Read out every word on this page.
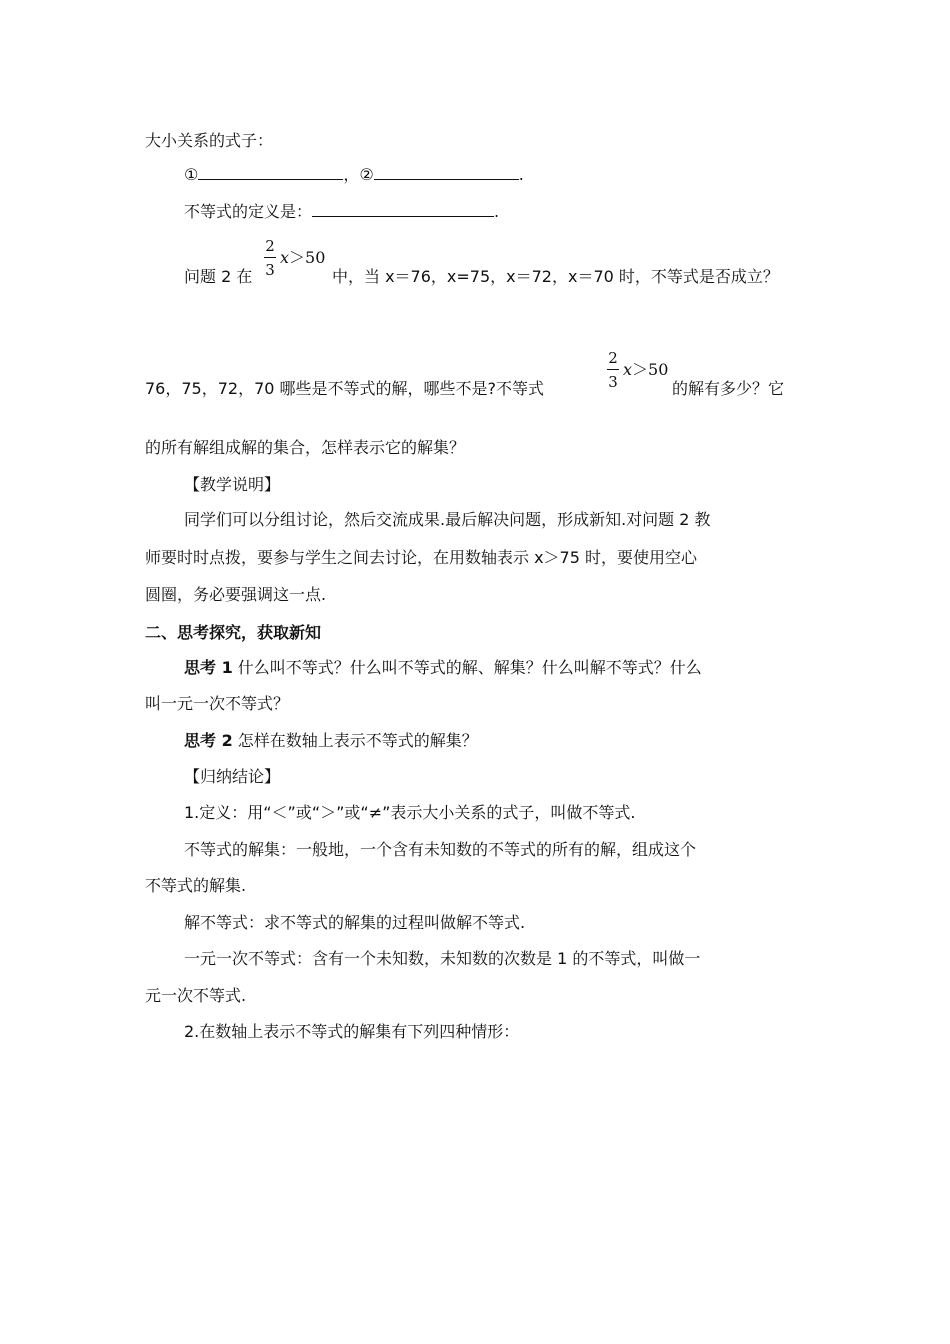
大小关系的式子：
①	，②	.
不等式的定义是：	.
问题 2 在
2
3
x＞50
中，当 x＝76，x=75，x＝72，x＝70 时，不等式是否成立？
76，75，72，70 哪些是不等式的解，哪些不是?不等式
2
3
x＞50
的解有多少？它
的所有解组成解的集合，怎样表示它的解集？
【教学说明】
同学们可以分组讨论，然后交流成果.最后解决问题，形成新知.对问题 2 教
师要时时点拨，要参与学生之间去讨论，在用数轴表示 x＞75 时，要使用空心
圆圈，务必要强调这一点.
二、思考探究，获取新知
思考 1 什么叫不等式？什么叫不等式的解、解集？什么叫解不等式？什么
叫一元一次不等式？
思考 2 怎样在数轴上表示不等式的解集？
【归纳结论】
1.定义：用“＜”或“＞”或“≠”表示大小关系的式子，叫做不等式.
不等式的解集：一般地，一个含有未知数的不等式的所有的解，组成这个
不等式的解集.
解不等式：求不等式的解集的过程叫做解不等式.
一元一次不等式：含有一个未知数，未知数的次数是 1 的不等式，叫做一
元一次不等式.
2.在数轴上表示不等式的解集有下列四种情形：
